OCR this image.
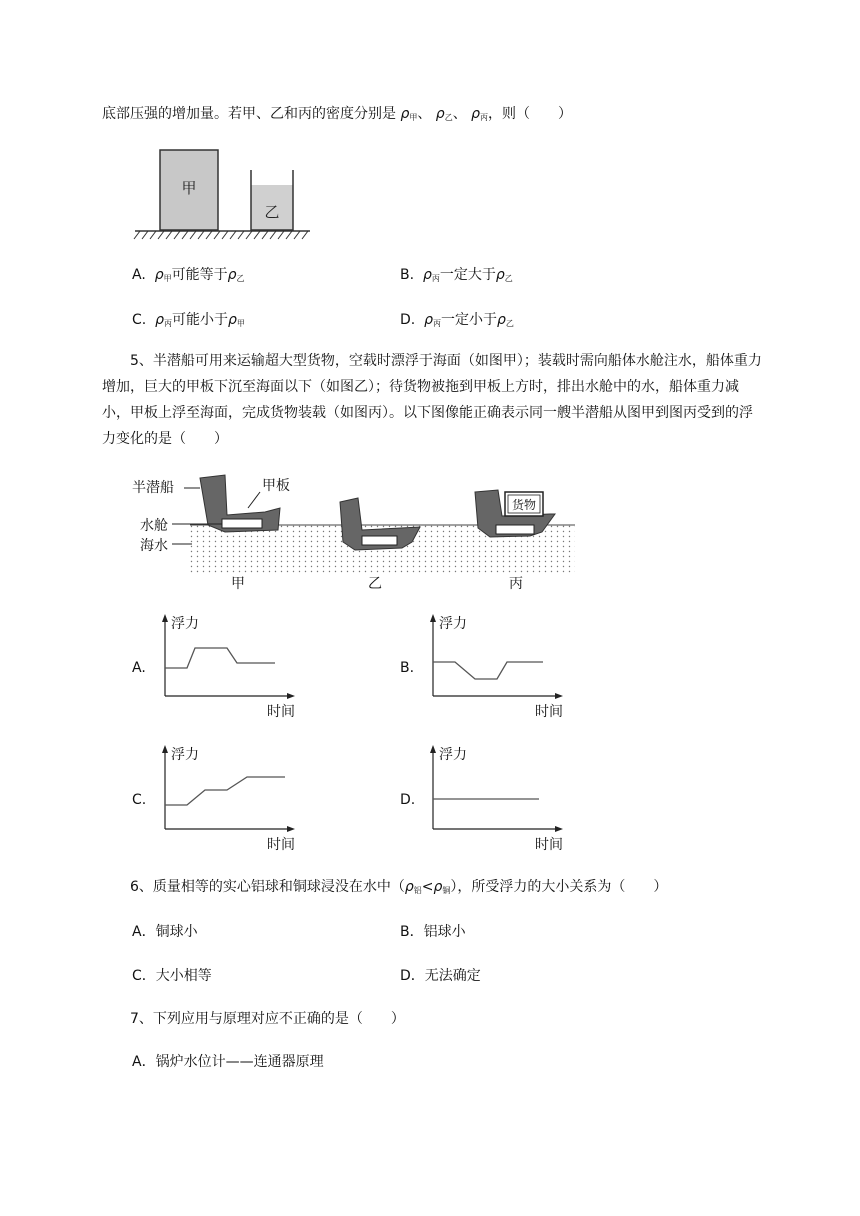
底部压强的增加量。若甲、乙和丙的密度分别是 $\rho_甲$、 $\rho_乙$、 $\rho_丙$，则（　　）
甲
乙
A. $\rho_甲$可能等于$\rho_乙$	B. $\rho_丙$一定大于$\rho_乙$
C. $\rho_丙$可能小于$\rho_甲$	D. $\rho_丙$一定小于$\rho_乙$
5、半潜船可用来运输超大型货物，空载时漂浮于海面（如图甲）；装载时需向船体水舱注水，船体重力增加，巨大的甲板下沉至海面以下（如图乙）；待货物被拖到甲板上方时，排出水舱中的水，船体重力减小，甲板上浮至海面，完成货物装载（如图丙）。以下图像能正确表示同一艘半潜船从图甲到图丙受到的浮力变化的是（　　）
货物
半潜船	甲板
水舱
海水
甲	乙	丙
A.
浮力
时间
B.
浮力
时间
C.
浮力
时间
D.
浮力
时间
6、质量相等的实心铝球和铜球浸没在水中$(\rho_铝<\rho_铜)$，所受浮力的大小关系为（　　）
A．铜球小	B．铝球小
C．大小相等	D．无法确定
7、下列应用与原理对应不正确的是（　　）
A．锅炉水位计——连通器原理
